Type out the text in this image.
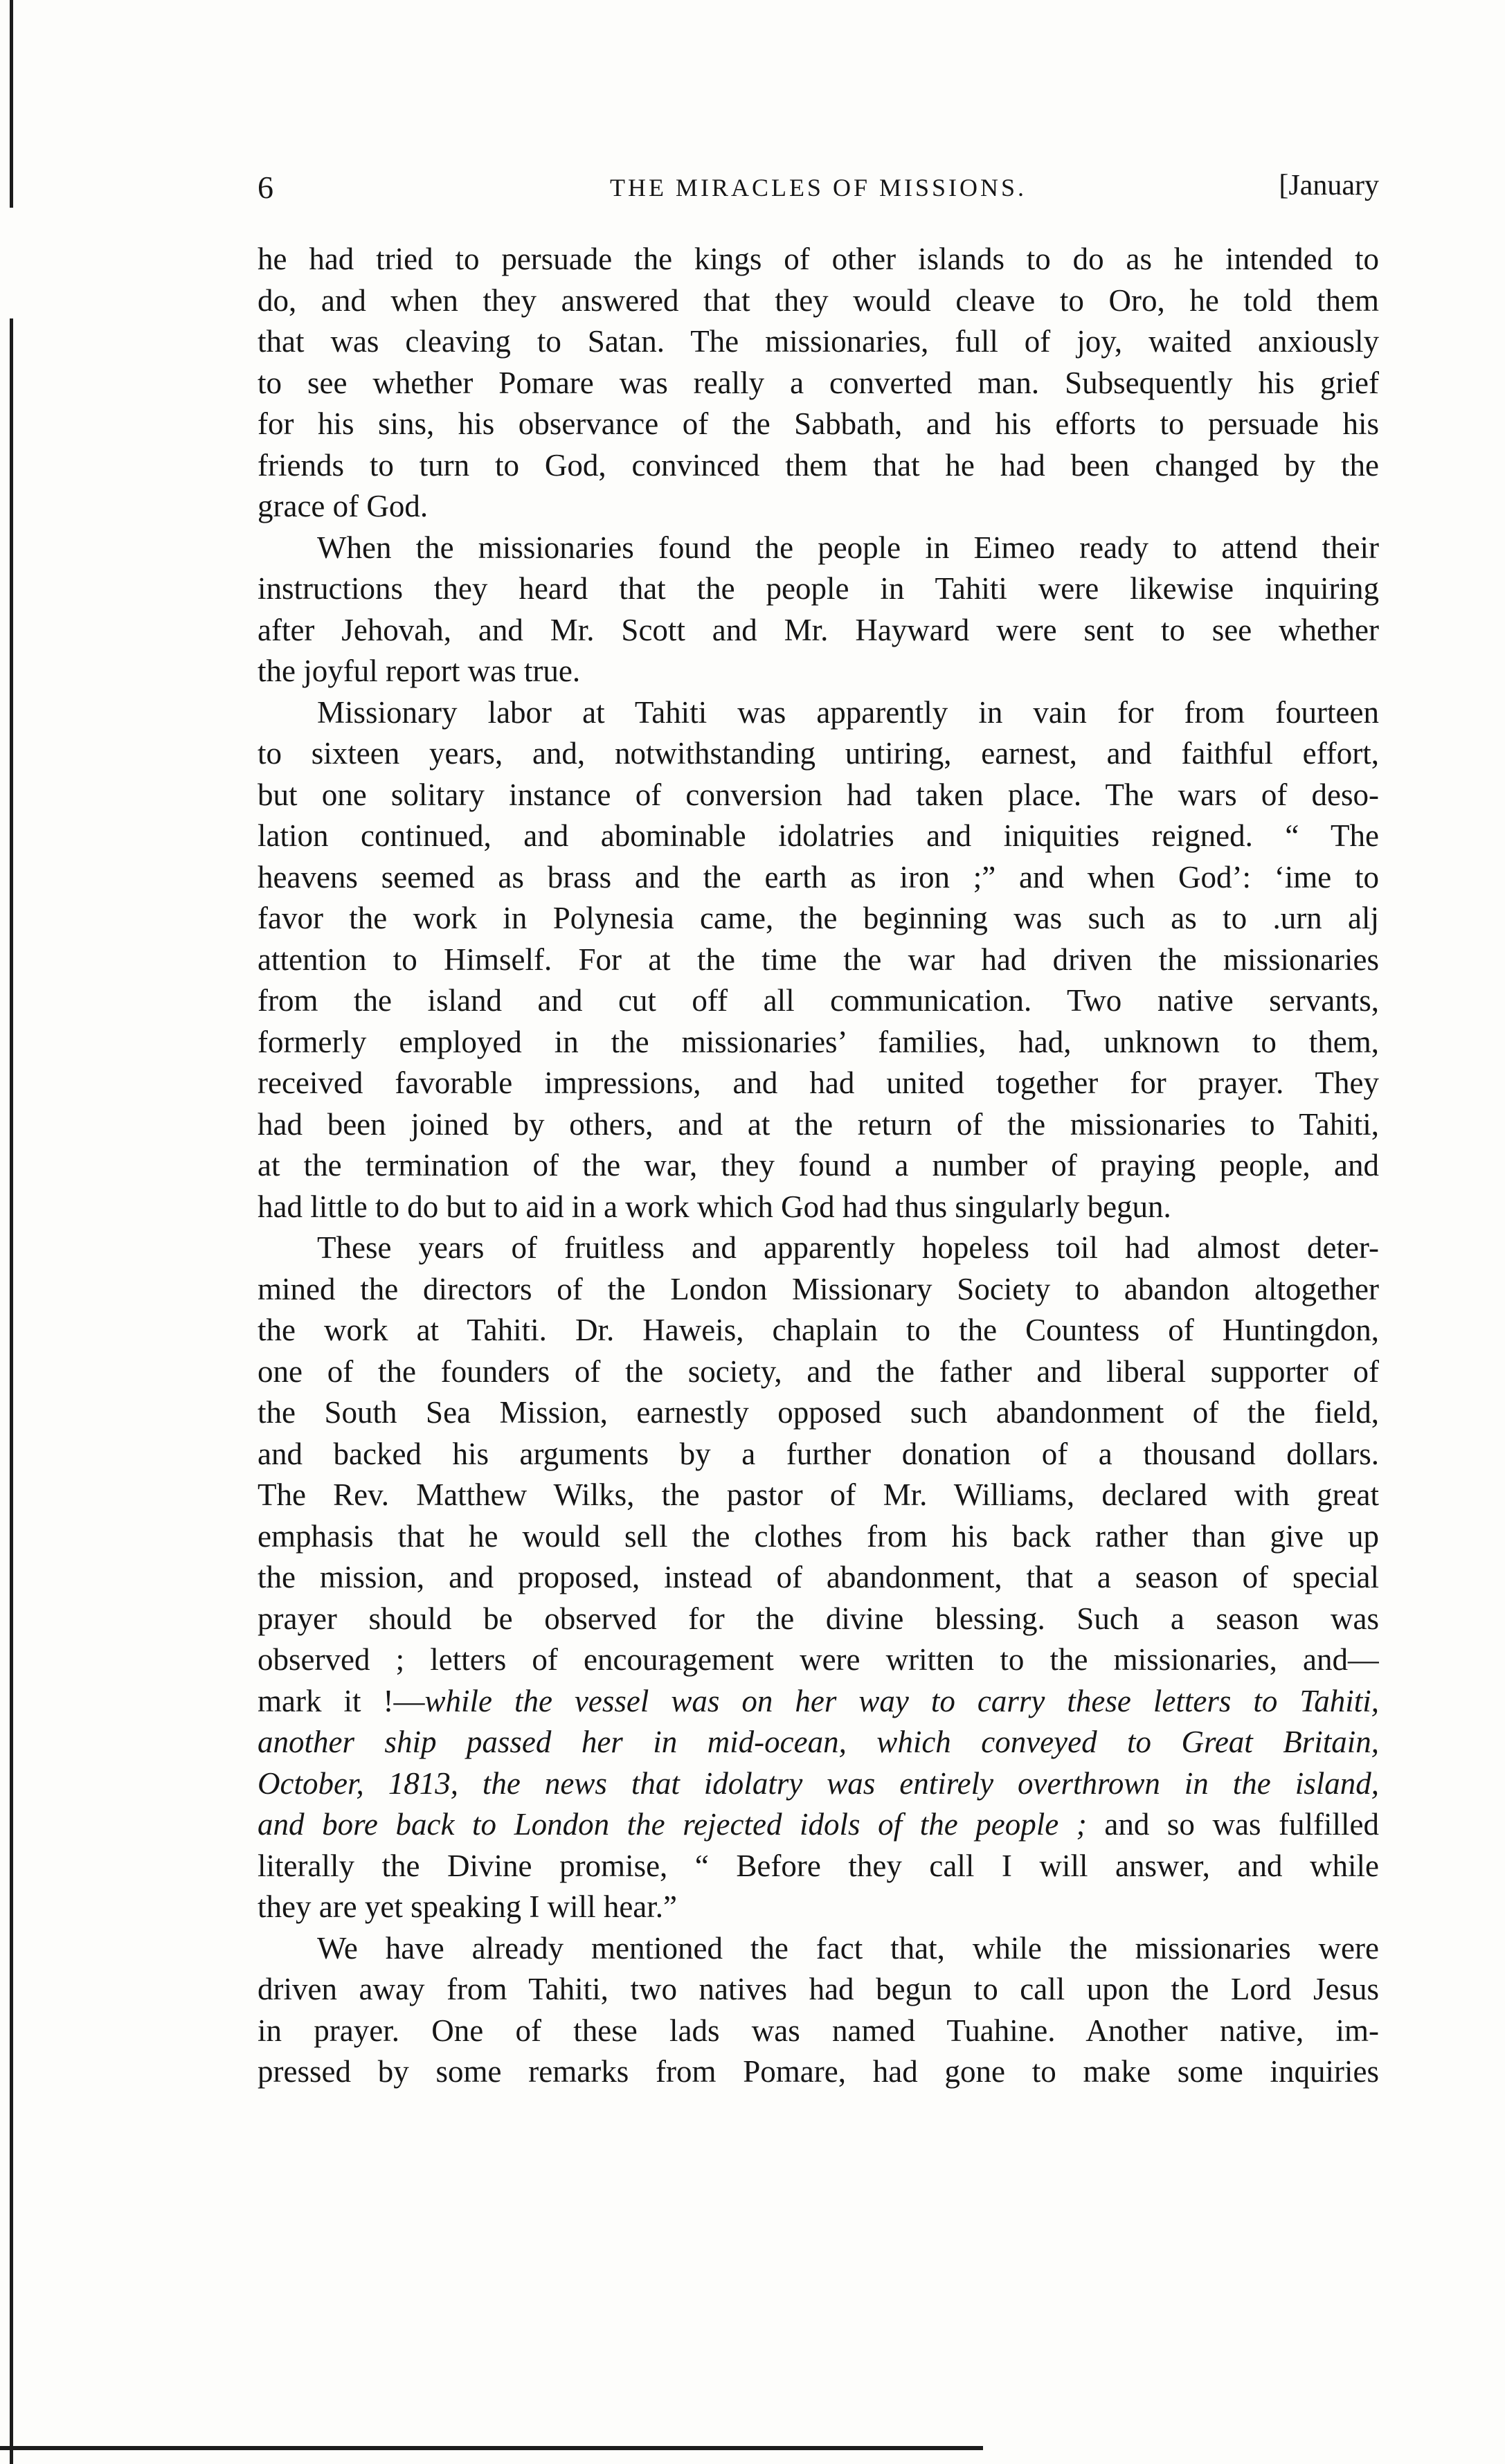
6	THE MIRACLES OF MISSIONS.	[January
he had tried to persuade the kings of other islands to do as he intended to
do, and when they answered that they would cleave to Oro, he told them
that was cleaving to Satan. The missionaries, full of joy, waited anxiously
to see whether Pomare was really a converted man. Subsequently his grief
for his sins, his observance of the Sabbath, and his efforts to persuade his
friends to turn to God, convinced them that he had been changed by the
grace of God.
When the missionaries found the people in Eimeo ready to attend their
instructions they heard that the people in Tahiti were likewise inquiring
after Jehovah, and Mr. Scott and Mr. Hayward were sent to see whether
the joyful report was true.
Missionary labor at Tahiti was apparently in vain for from fourteen
to sixteen years, and, notwithstanding untiring, earnest, and faithful effort,
but one solitary instance of conversion had taken place. The wars of deso-
lation continued, and abominable idolatries and iniquities reigned. “ The
heavens seemed as brass and the earth as iron ;” and when God’: ‘ime to
favor the work in Polynesia came, the beginning was such as to .urn alj
attention to Himself. For at the time the war had driven the missionaries
from the island and cut off all communication. Two native servants,
formerly employed in the missionaries’ families, had, unknown to them,
received favorable impressions, and had united together for prayer. They
had been joined by others, and at the return of the missionaries to Tahiti,
at the termination of the war, they found a number of praying people, and
had little to do but to aid in a work which God had thus singularly begun.
These years of fruitless and apparently hopeless toil had almost deter-
mined the directors of the London Missionary Society to abandon altogether
the work at Tahiti. Dr. Haweis, chaplain to the Countess of Huntingdon,
one of the founders of the society, and the father and liberal supporter of
the South Sea Mission, earnestly opposed such abandonment of the field,
and backed his arguments by a further donation of a thousand dollars.
The Rev. Matthew Wilks, the pastor of Mr. Williams, declared with great
emphasis that he would sell the clothes from his back rather than give up
the mission, and proposed, instead of abandonment, that a season of special
prayer should be observed for the divine blessing. Such a season was
observed ; letters of encouragement were written to the missionaries, and—
mark it !—while the vessel was on her way to carry these letters to Tahiti,
another ship passed her in mid-ocean, which conveyed to Great Britain,
October, 1813, the news that idolatry was entirely overthrown in the island,
and bore back to London the rejected idols of the people ; and so was fulfilled
literally the Divine promise, “ Before they call I will answer, and while
they are yet speaking I will hear.”
We have already mentioned the fact that, while the missionaries were
driven away from Tahiti, two natives had begun to call upon the Lord Jesus
in prayer. One of these lads was named Tuahine. Another native, im-
pressed by some remarks from Pomare, had gone to make some inquiries
